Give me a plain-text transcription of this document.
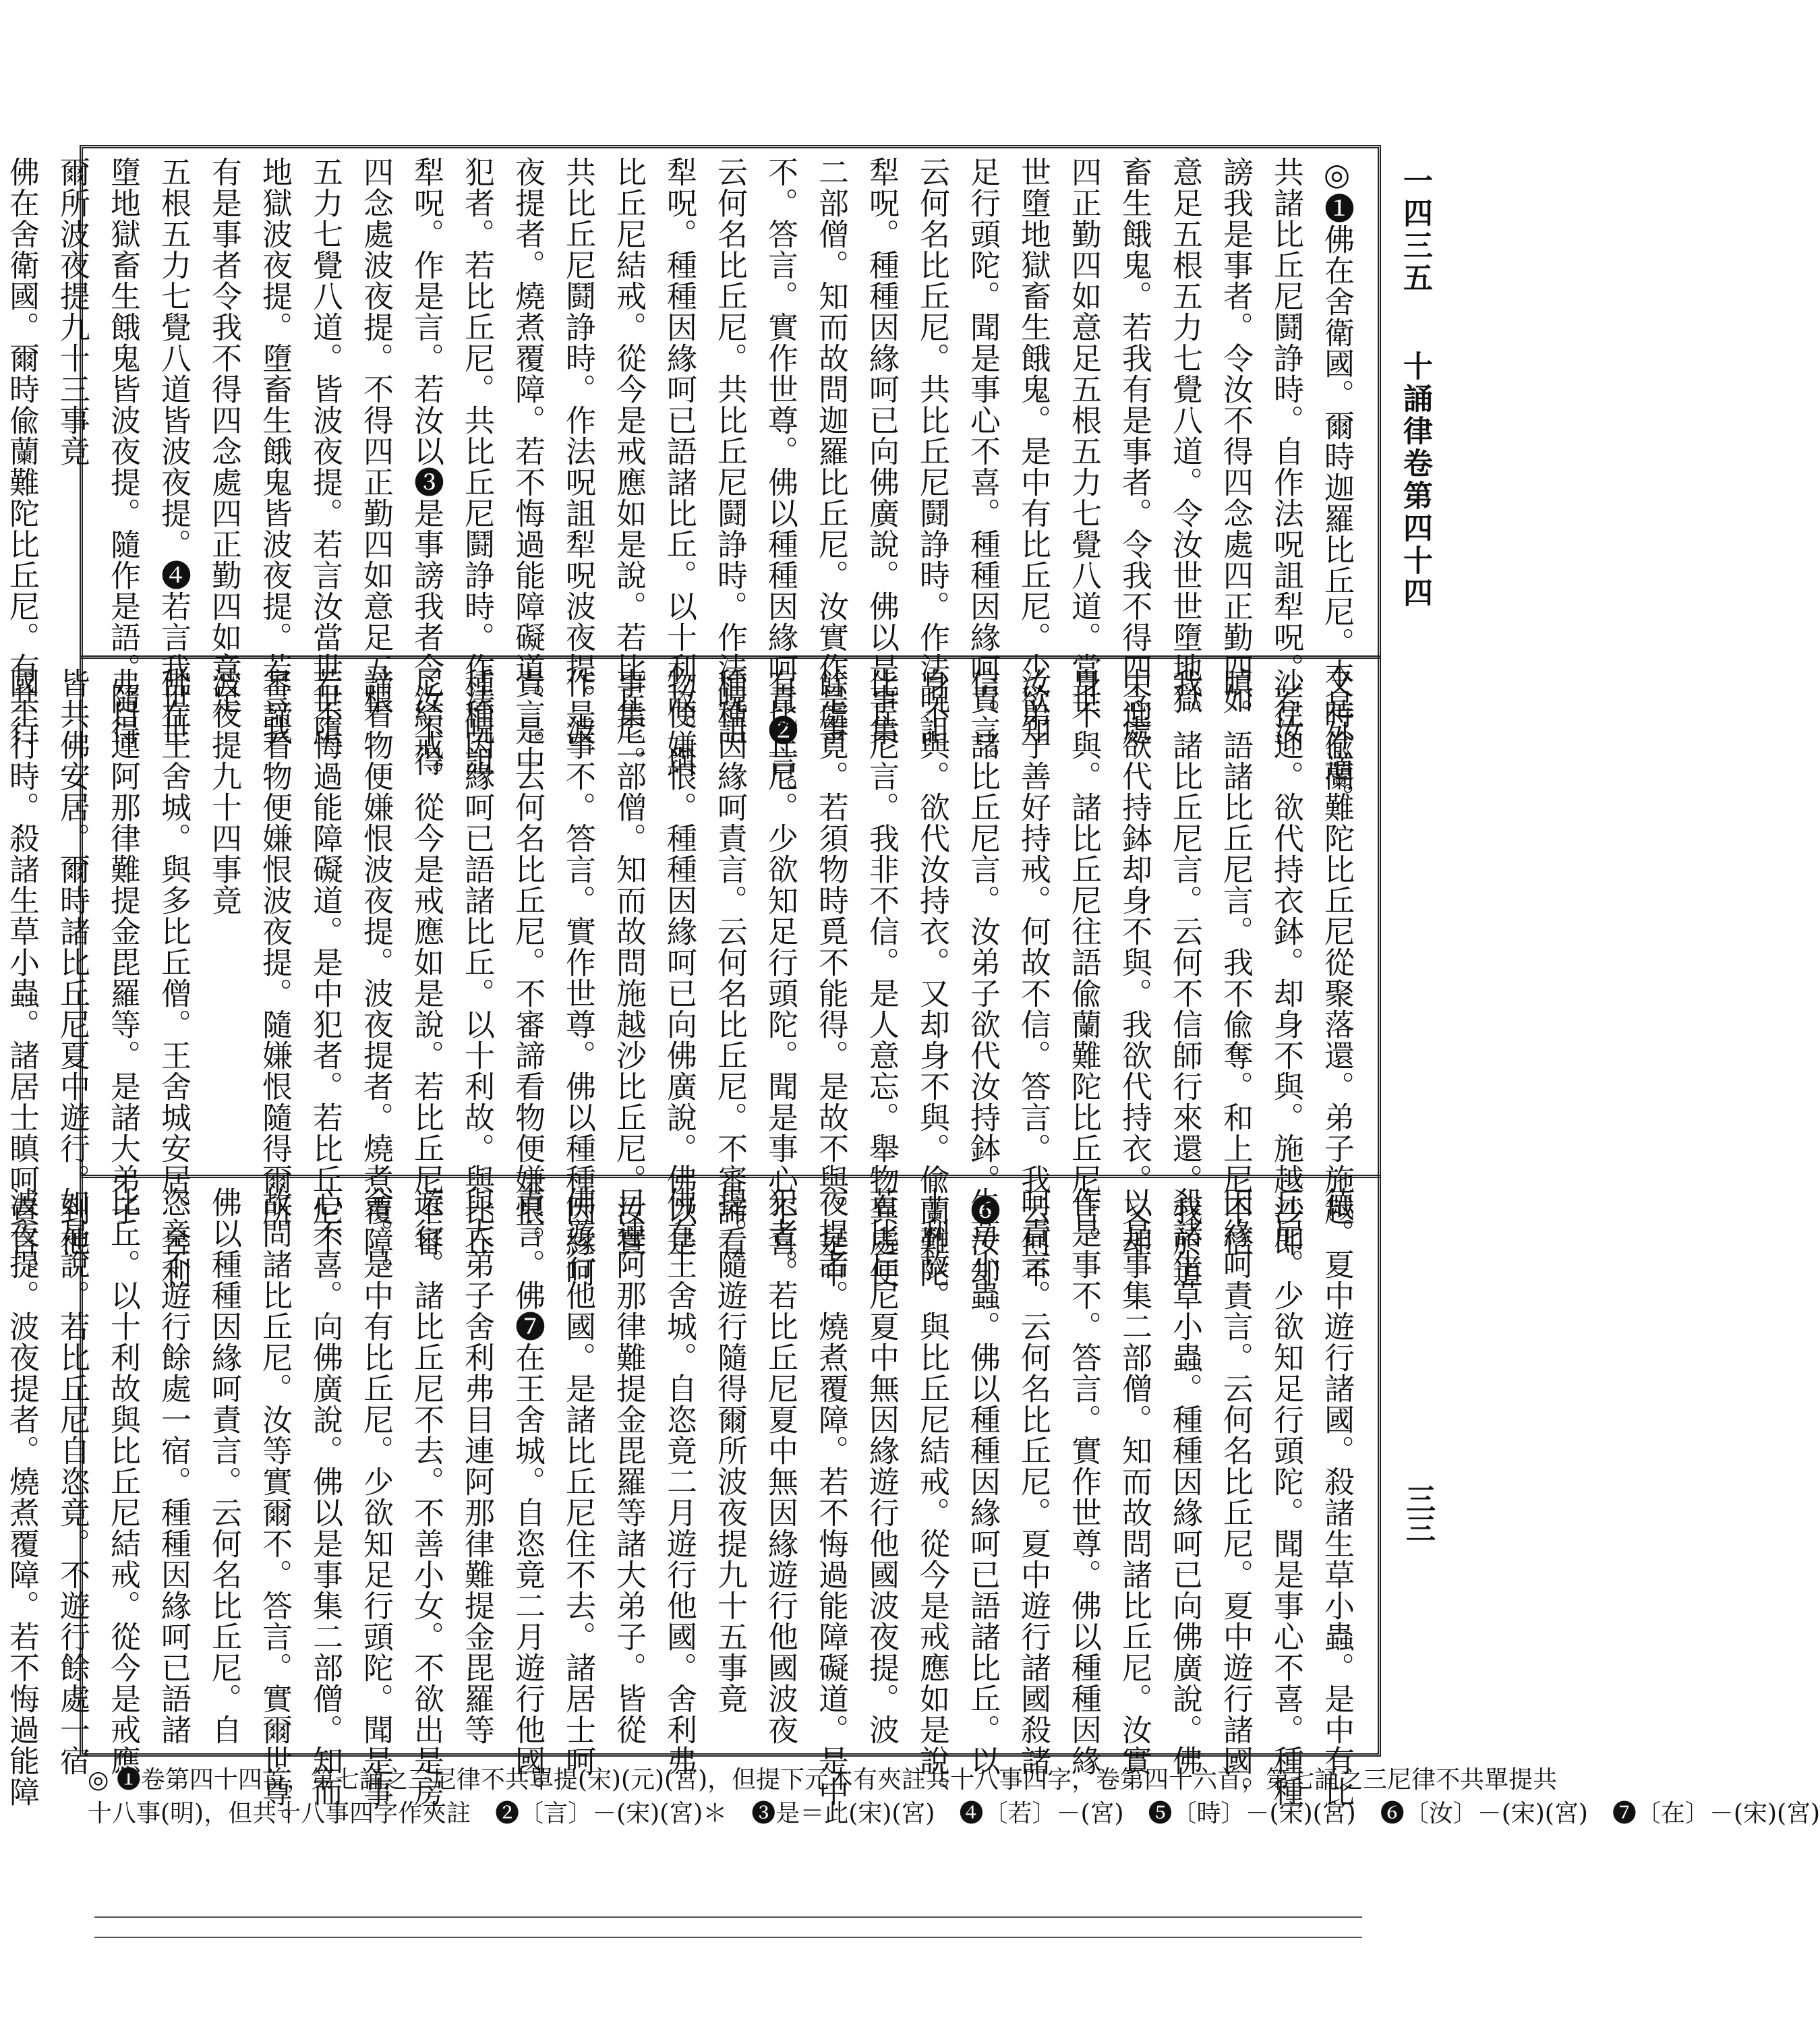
一四三五
十誦律卷第四十四
三三
◎❶佛在舍衛國。爾時迦羅比丘尼。本是外道。
共諸比丘尼鬪諍時。自作法呪詛犁呪。若汝
謗我是事者。令汝不得四念處四正勤四如
意足五根五力七覺八道。令汝世世墮地獄
畜生餓鬼。若我有是事者。令我不得四念處
四正勤四如意足五根五力七覺八道。當世
世墮地獄畜生餓鬼。是中有比丘尼。少欲知
足行頭陀。聞是事心不喜。種種因緣呵責言。
云何名比丘尼。共比丘尼鬪諍時。作法呪詛
犁呪。種種因緣呵已向佛廣說。佛以是事集
二部僧。知而故問迦羅比丘尼。汝實作是事
不。答言。實作世尊。佛以種種因緣呵責❷言。
云何名比丘尼。共比丘尼鬪諍時。作法呪詛
犁呪。種種因緣呵已語諸比丘。以十利故。與
比丘尼結戒。從今是戒應如是說。若比丘尼。
共比丘尼鬪諍時。作法呪詛犁呪波夜提。波
夜提者。燒煮覆障。若不悔過能障礙道。是中
犯者。若比丘尼。共比丘尼鬪諍時。作法呪詛
犁呪。作是言。若汝以❸是事謗我者令汝不得
四念處波夜提。不得四正勤四如意足五根
五力七覺八道。皆波夜提。若言汝當世世墮
地獄波夜提。墮畜生餓鬼皆波夜提。若言我
有是事者令我不得四念處四正勤四如意足
五根五力七覺八道皆波夜提。❹若言我世世
墮地獄畜生餓鬼皆波夜提。隨作是語。隨得
爾所波夜提九十三事竟
佛在舍衛國。爾時偸蘭難陀比丘尼。有共行
又時偸蘭難陀比丘尼從聚落還。弟子施越
沙往迎。欲代持衣鉢。却身不與。施越沙即
瞋。語諸比丘尼言。我不偸奪。和上尼不信
我。諸比丘尼言。云何不信師行來還。我於道
中迎欲代持鉢却身不與。我欲代持衣。又却
身不與。諸比丘尼往語偸蘭難陀比丘尼言。
汝弟子善好持戒。何故不信。答言。我云何不
信。諸比丘尼言。汝弟子欲代汝持鉢。❻汝却
身不與。欲代汝持衣。又却身不與。偸蘭難陀
比丘尼言。我非不信。是人意忘。舉物異處便
餘處覓。若須物時覓不能得。是故不與。是中
有比丘尼。少欲知足行頭陀。聞是事心不喜。
種種因緣呵責言。云何名比丘尼。不審諦看
物便嫌恨。種種因緣呵已向佛廣說。佛以是
事集二部僧。知而故問施越沙比丘尼。汝實
作是事不。答言。實作世尊。佛以種種因緣呵
責言。云何名比丘尼。不審諦看物便嫌恨。
種種因緣呵已語諸比丘。以十利故。與比丘
尼結戒。從今是戒應如是說。若比丘尼不審
諦看物便嫌恨波夜提。波夜提者。燒煮覆障。
若不悔過能障礙道。是中犯者。若比丘尼不
審諦看物便嫌恨波夜提。隨嫌恨隨得爾所
波夜提九十四事竟
佛在王舍城。與多比丘僧。王舍城安居。舍利
弗目連阿那律難提金毘羅等。是諸大弟子
皆共佛安居。爾時諸比丘尼夏中遊行。到他
國土行時。殺諸生草小蟲。諸居士瞋呵責言。
德。夏中遊行諸國。殺諸生草小蟲。是中有比
丘尼。少欲知足行頭陀。聞是事心不喜。種種
因緣呵責言。云何名比丘尼。夏中遊行諸國。
殺諸生草小蟲。種種因緣呵已向佛廣說。佛
以是事集二部僧。知而故問諸比丘尼。汝實
作是事不。答言。實作世尊。佛以種種因緣
呵責言。云何名比丘尼。夏中遊行諸國殺諸
生草小蟲。佛以種種因緣呵已語諸比丘。以
十利故。與比丘尼結戒。從今是戒應如是說。
若比丘尼夏中無因緣遊行他國波夜提。波
夜提者。燒煮覆障。若不悔過能障礙道。是中
犯者。若比丘尼夏中無因緣遊行他國波夜
提。隨遊行隨得爾所波夜提九十五事竟
佛在王舍城。自恣竟二月遊行他國。舍利弗
目連阿那律難提金毘羅等諸大弟子。皆從
佛遊行他國。是諸比丘尼住不去。諸居士呵
責言。佛❼在王舍城。自恣竟二月遊行他國。
與大弟子舍利弗目連阿那律難提金毘羅等
遊行。諸比丘尼不去。不善小女。不欲出是房
舍。是中有比丘尼。少欲知足行頭陀。聞是事
心不喜。向佛廣說。佛以是事集二部僧。知而
故問諸比丘尼。汝等實爾不。答言。實爾世尊。
佛以種種因緣呵責言。云何名比丘尼。自
恣竟不遊行餘處一宿。種種因緣呵已語諸
比丘。以十利故與比丘尼結戒。從今是戒應
如是說。若比丘尼自恣竟。不遊行餘處一宿
波夜提。波夜提者。燒煮覆障。若不悔過能障 ◎ ❶卷第四十四首，第七誦之三尼律不共單提(宋)(元)(宮)，但提下元本有夾註共十八事四字，卷第四十六首，第七誦之三尼律不共單提共
十八事(明)，但共十八事四字作夾註　❷〔言〕－(宋)(宮)＊　❸是＝此(宋)(宮)　❹〔若〕－(宮)　❺〔時〕－(宋)(宮)　❻〔汝〕－(宋)(宮)　❼〔在〕－(宋)(宮)
